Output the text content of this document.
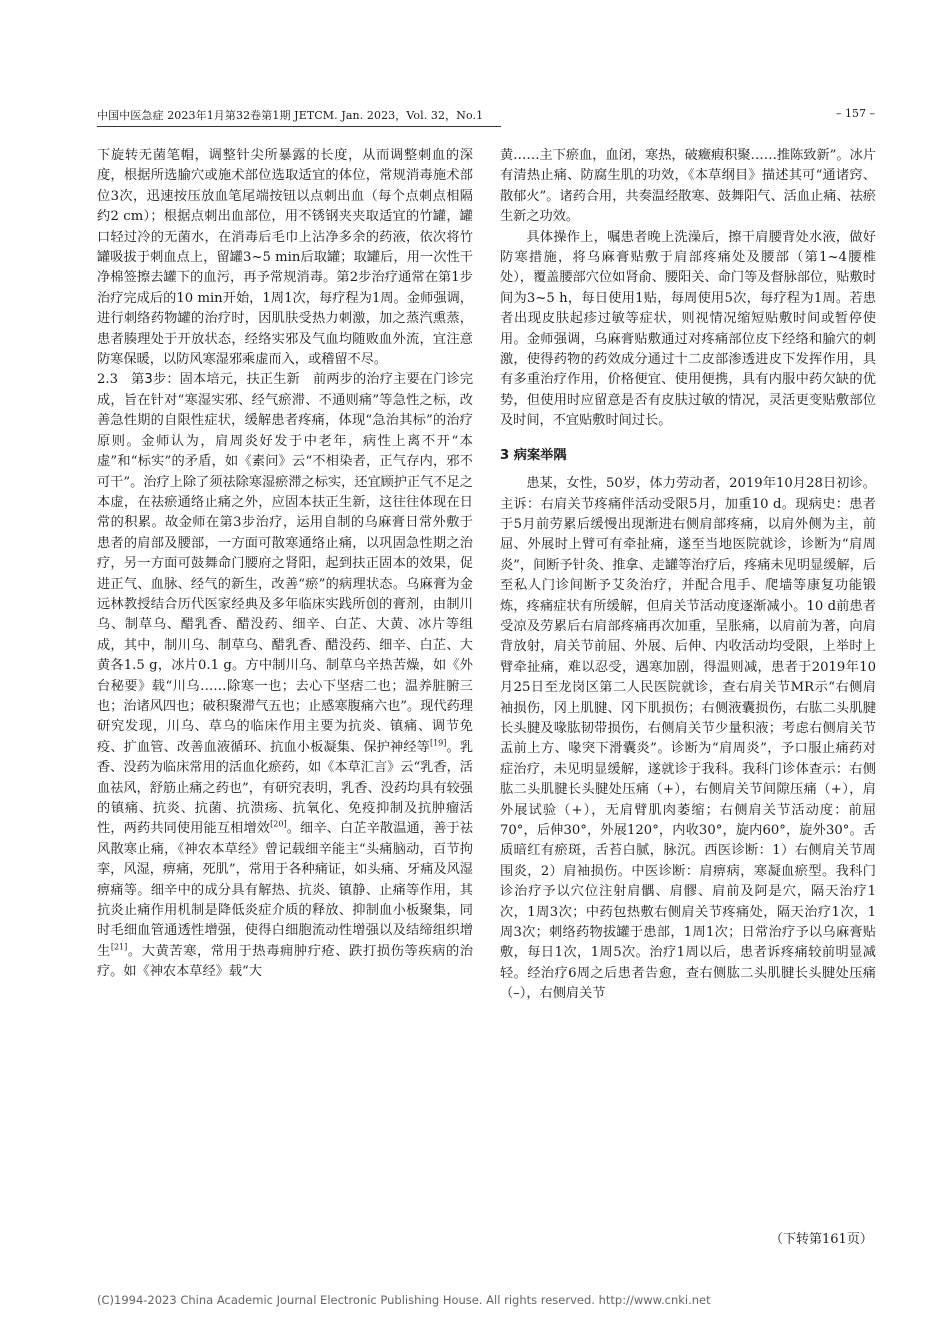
中国中医急症 2023年1月第32卷第1期 JETCM. Jan. 2023，Vol. 32，No.1	– 157 –

下旋转无菌笔帽，调整针尖所暴露的长度，从而调整刺血的深度，根据所选腧穴或施术部位选取适宜的体位，常规消毒施术部位3次，迅速按压放血笔尾端按钮以点刺出血（每个点刺点相隔约2 cm）；根据点刺出血部位，用不锈钢夹夹取适宜的竹罐，罐口轻过冷的无菌水，在消毒后毛巾上沾净多余的药液，依次将竹罐吸拔于刺血点上，留罐3~5 min后取罐；取罐后，用一次性干净棉签擦去罐下的血污，再予常规消毒。第2步治疗通常在第1步治疗完成后的10 min开始，1周1次，每疗程为1周。金师强调，进行刺络药物罐的治疗时，因肌肤受热力刺激，加之蒸汽熏蒸，患者腠理处于开放状态，经络实邪及气血均随败血外流，宜注意防寒保暖，以防风寒湿邪乘虚而入，或稽留不尽。

2.3 第3步：固本培元，扶正生新 前两步的治疗主要在门诊完成，旨在针对“寒湿实邪、经气瘀滞、不通则痛”等急性之标，改善急性期的自限性症状，缓解患者疼痛，体现“急治其标”的治疗原则。金师认为，肩周炎好发于中老年，病性上离不开“本虚”和“标实”的矛盾，如《素问》云“不相染者，正气存内，邪不可干”。治疗上除了须祛除寒湿瘀滞之标实，还宜顾护正气不足之本虚，在祛瘀通络止痛之外，应固本扶正生新，这往往体现在日常的积累。故金师在第3步治疗，运用自制的乌麻膏日常外敷于患者的肩部及腰部，一方面可散寒通络止痛，以巩固急性期之治疗，另一方面可鼓舞命门腰府之肾阳，起到扶正固本的效果，促进正气、血脉、经气的新生，改善“瘀”的病理状态。乌麻膏为金远林教授结合历代医家经典及多年临床实践所创的膏剂，由制川乌、制草乌、醋乳香、醋没药、细辛、白芷、大黄、冰片等组成，其中，制川乌、制草乌、醋乳香、醋没药、细辛、白芷、大黄各1.5 g，冰片0.1 g。方中制川乌、制草乌辛热苦燥，如《外台秘要》载“川乌……除寒一也；去心下坚痞二也；温养脏腑三也；治诸风四也；破积聚滞气五也；止感寒腹痛六也”。现代药理研究发现，川乌、草乌的临床作用主要为抗炎、镇痛、调节免疫、扩血管、改善血液循环、抗血小板凝集、保护神经等[19]。乳香、没药为临床常用的活血化瘀药，如《本草汇言》云“乳香，活血祛风，舒筋止痛之药也”，有研究表明，乳香、没药均具有较强的镇痛、抗炎、抗菌、抗溃疡、抗氧化、免疫抑制及抗肿瘤活性，两药共同使用能互相增效[20]。细辛、白芷辛散温通，善于祛风散寒止痛，《神农本草经》曾记载细辛能主“头痛脑动，百节拘挛，风湿，痹痛，死肌”，常用于各种痛证，如头痛、牙痛及风湿痹痛等。细辛中的成分具有解热、抗炎、镇静、止痛等作用，其抗炎止痛作用机制是降低炎症介质的释放、抑制血小板聚集，同时毛细血管通透性增强，使得白细胞流动性增强以及结缔组织增生[21]。大黄苦寒，常用于热毒痈肿疔疮、跌打损伤等疾病的治疗。如《神农本草经》载“大

黄……主下瘀血，血闭，寒热，破癥瘕积聚……推陈致新”。冰片有清热止痛、防腐生肌的功效，《本草纲目》描述其可“通诸窍、散郁火”。诸药合用，共奏温经散寒、鼓舞阳气、活血止痛、祛瘀生新之功效。

具体操作上，嘱患者晚上洗澡后，擦干肩腰背处水液，做好防寒措施，将乌麻膏贴敷于肩部疼痛处及腰部（第1~4腰椎处），覆盖腰部穴位如肾俞、腰阳关、命门等及督脉部位，贴敷时间为3~5 h，每日使用1贴，每周使用5次，每疗程为1周。若患者出现皮肤起疹过敏等症状，则视情况缩短贴敷时间或暂停使用。金师强调，乌麻膏贴敷通过对疼痛部位皮下经络和腧穴的刺激，使得药物的药效成分通过十二皮部渗透进皮下发挥作用，具有多重治疗作用，价格便宜、使用便携，具有内服中药欠缺的优势，但使用时应留意是否有皮肤过敏的情况，灵活更变贴敷部位及时间，不宜贴敷时间过长。

3 病案举隅

患某，女性，50岁，体力劳动者，2019年10月28日初诊。主诉：右肩关节疼痛伴活动受限5月，加重10 d。现病史：患者于5月前劳累后缓慢出现渐进右侧肩部疼痛，以肩外侧为主，前屈、外展时上臂可有牵扯痛，遂至当地医院就诊，诊断为“肩周炎”，间断予针灸、推拿、走罐等治疗后，疼痛未见明显缓解，后至私人门诊间断予艾灸治疗，并配合甩手、爬墙等康复功能锻炼，疼痛症状有所缓解，但肩关节活动度逐渐减小。10 d前患者受凉及劳累后右肩部疼痛再次加重，呈胀痛，以肩前为著，向肩背放射，肩关节前屈、外展、后伸、内收活动均受限，上举时上臂牵扯痛，难以忍受，遇寒加剧，得温则减，患者于2019年10月25日至龙岗区第二人民医院就诊，查右肩关节MR示“右侧肩袖损伤，冈上肌腱、冈下肌损伤；右侧液囊损伤，右肱二头肌腱长头腱及喙肱韧带损伤，右侧肩关节少量积液；考虑右侧肩关节盂前上方、喙突下滑囊炎”。诊断为“肩周炎”，予口服止痛药对症治疗，未见明显缓解，遂就诊于我科。我科门诊体查示：右侧肱二头肌腱长头腱处压痛（+），右侧肩关节间隙压痛（+），肩外展试验（+），无肩臂肌肉萎缩；右侧肩关节活动度：前屈70°，后伸30°，外展120°，内收30°，旋内60°，旋外30°。舌质暗红有瘀斑，舌苔白腻，脉沉。西医诊断：1）右侧肩关节周围炎，2）肩袖损伤。中医诊断：肩痹病，寒凝血瘀型。我科门诊治疗予以穴位注射肩髃、肩髎、肩前及阿是穴，隔天治疗1次，1周3次；中药包热敷右侧肩关节疼痛处，隔天治疗1次，1周3次；刺络药物拔罐于患部，1周1次；日常治疗予以乌麻膏贴敷，每日1次，1周5次。治疗1周以后，患者诉疼痛较前明显减轻。经治疗6周之后患者告愈，查右侧肱二头肌腱长头腱处压痛（–），右侧肩关节

（下转第161页）
(C)1994-2023 China Academic Journal Electronic Publishing House. All rights reserved. http://www.cnki.net
